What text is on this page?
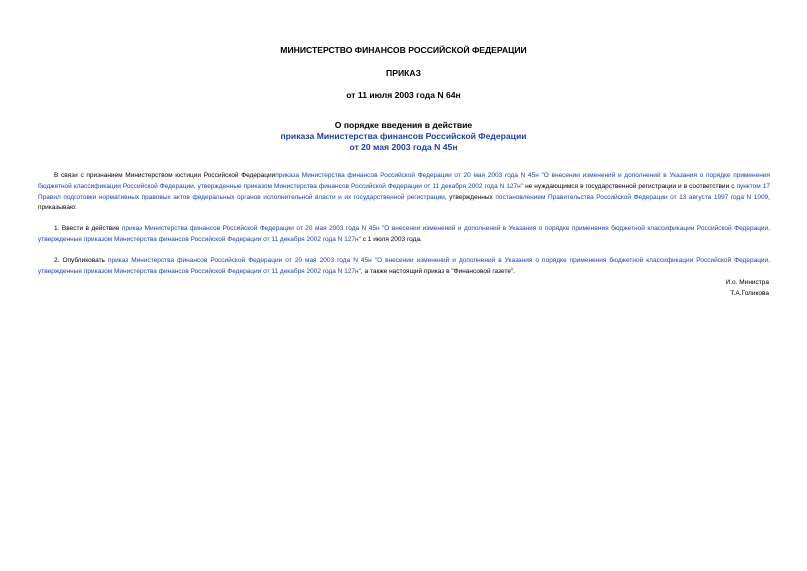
МИНИСТЕРСТВО ФИНАНСОВ РОССИЙСКОЙ ФЕДЕРАЦИИ
ПРИКАЗ
от 11 июля 2003 года N 64н
О порядке введения в действие
приказа Министерства финансов Российской Федерации
от 20 мая 2003 года N 45н
В связи с признанием Министерством юстиции Российской Федерацииприказа Министерства финансов Российской Федерации от 20 мая 2003 года N 45н "О внесении изменений и дополнений в Указания о порядке применения бюджетной классификации Российской Федерации, утвержденные приказом Министерства финансов Российской Федерации от 11 декабря 2002 года N 127н" не нуждающимся в государственной регистрации и в соответствии с пунктом 17 Правил подготовки нормативных правовых актов федеральных органов исполнительной власти и их государственной регистрации, утвержденных постановлением Правительства Российской Федерации от 13 августа 1997 года N 1009, приказываю:
1. Ввести в действие приказ Министерства финансов Российской Федерации от 20 мая 2003 года N 45н "О внесении изменений и дополнений в Указания о порядке применения бюджетной классификации Российской Федерации, утвержденные приказом Министерства финансов Российской Федерации от 11 декабря 2002 года N 127н" с 1 июля 2003 года.
2. Опубликовать приказ Министерства финансов Российской Федерации от 20 мая 2003 года N 45н "О внесении изменений и дополнений в Указания о порядке применения бюджетной классификации Российской Федерации, утвержденные приказом Министерства финансов Российской Федерации от 11 декабря 2002 года N 127н", а также настоящий приказ в "Финансовой газете".
И.о. Министра
Т.А.Голикова
